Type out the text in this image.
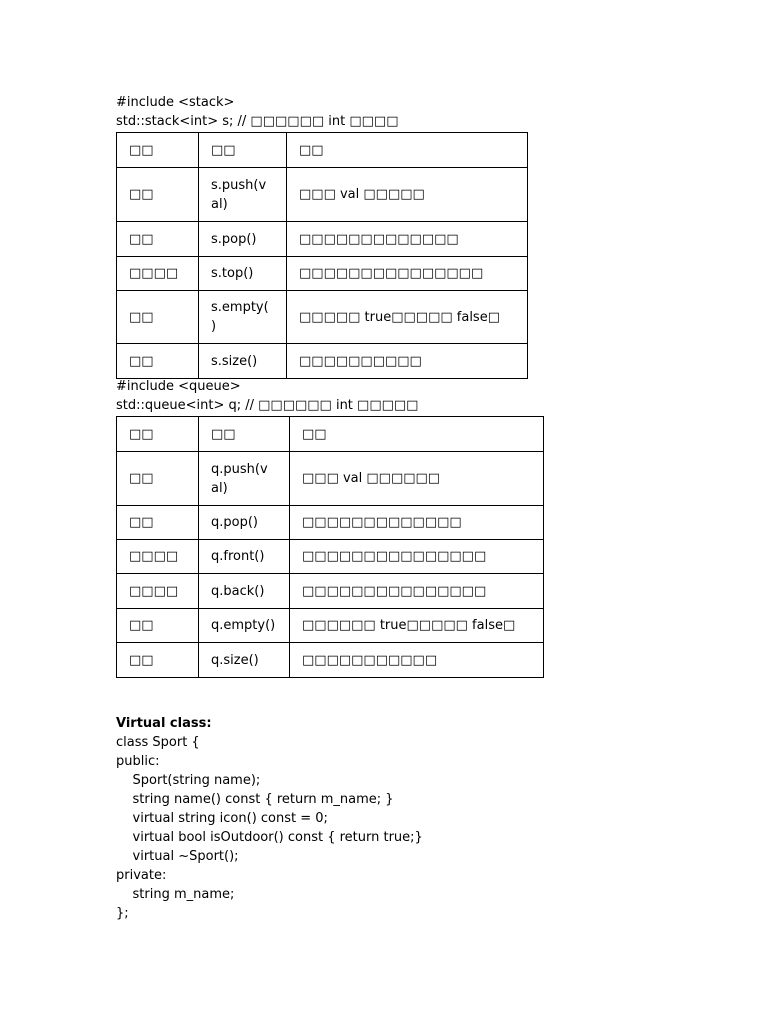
#include <stack>
std::stack<int> s; // □□□□□□ int □□□□
□□	□□	□□
□□	s.push(v
al)	□□□ val □□□□□
□□	s.pop()	□□□□□□□□□□□□□
□□□□	s.top()	□□□□□□□□□□□□□□□
□□	s.empty(
)	□□□□□ true□□□□□ false□
□□	s.size()	□□□□□□□□□□
#include <queue>
std::queue<int> q; // □□□□□□ int □□□□□
□□	□□	□□
□□	q.push(v
al)	□□□ val □□□□□□
□□	q.pop()	□□□□□□□□□□□□□
□□□□	q.front()	□□□□□□□□□□□□□□□
□□□□	q.back()	□□□□□□□□□□□□□□□
□□	q.empty()	□□□□□□ true□□□□□ false□
□□	q.size()	□□□□□□□□□□□
Virtual class:
class Sport {
public:
Sport(string name);
string name() const { return m_name; }
virtual string icon() const = 0;
virtual bool isOutdoor() const { return true;}
virtual ~Sport();
private:
string m_name;
};
